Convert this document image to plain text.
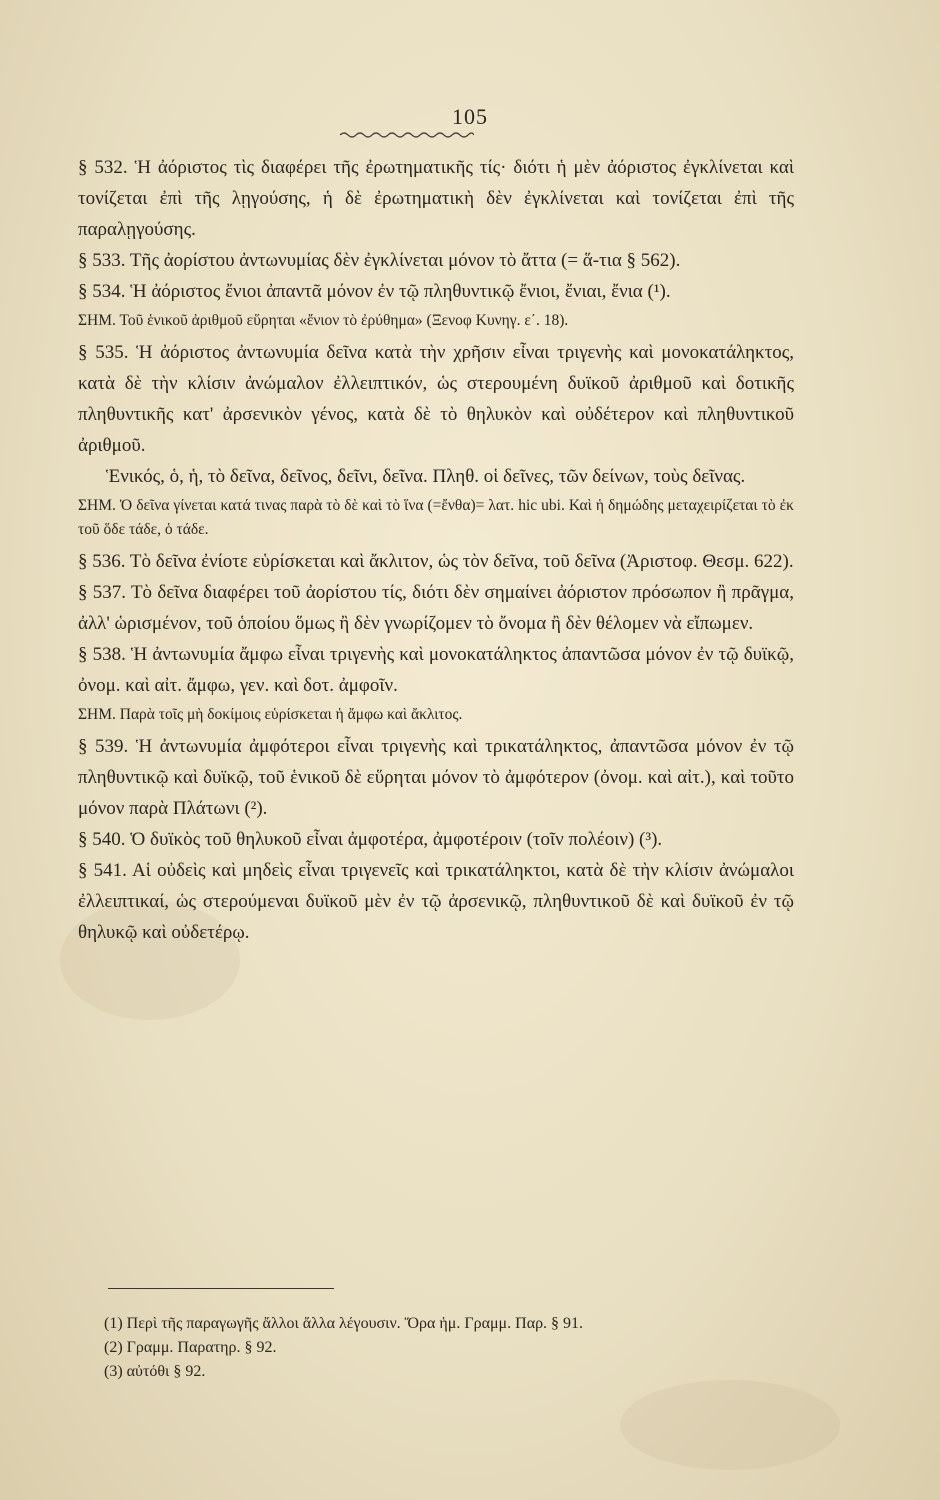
105

§ 532. Ἡ ἀόριστος τὶς διαφέρει τῆς ἐρωτηματικῆς τίς· διότι ἡ μὲν ἀόριστος ἐγκλίνεται καὶ τονίζεται ἐπὶ τῆς λῃγούσης, ἡ δὲ ἐρωτηματικὴ δὲν ἐγκλίνεται καὶ τονίζεται ἐπὶ τῆς παραλῃγούσης.

§ 533. Τῆς ἀορίστου ἀντωνυμίας δὲν ἐγκλίνεται μόνον τὸ ἄττα (= ἅ-τια § 562).

§ 534. Ἡ ἀόριστος ἔνιοι ἀπαντᾶ μόνον ἐν τῷ πληθυντικῷ ἔνιοι, ἔνιαι, ἔνια (¹).

ΣΗΜ. Τοῦ ἑνικοῦ ἀριθμοῦ εὕρηται «ἔνιον τὸ ἐρύθημα» (Ξενοφ Κυνηγ. ε΄. 18).

§ 535. Ἡ ἀόριστος ἀντωνυμία δεῖνα κατὰ τὴν χρῆσιν εἶναι τριγενὴς καὶ μονοκατάληκτος, κατὰ δὲ τὴν κλίσιν ἀνώμαλον ἐλλειπτικόν, ὡς στερουμένη δυϊκοῦ ἀριθμοῦ καὶ δοτικῆς πληθυντικῆς κατ' ἀρσενικὸν γένος, κατὰ δὲ τὸ θηλυκὸν καὶ οὐδέτερον καὶ πληθυντικοῦ ἀριθμοῦ.

Ἑνικός, ὁ, ἡ, τὸ δεῖνα, δεῖνος, δεῖνι, δεῖνα. Πληθ. οἱ δεῖνες, τῶν δείνων, τοὺς δεῖνας.

ΣΗΜ. Ὁ δεῖνα γίνεται κατά τινας παρὰ τὸ δὲ καὶ τὸ ἵνα (=ἔνθα)= λατ. hic ubi. Καὶ ἡ δημώδης μεταχειρίζεται τὸ ἐκ τοῦ ὅδε τάδε, ὁ τάδε.

§ 536. Τὸ δεῖνα ἐνίοτε εὑρίσκεται καὶ ἄκλιτον, ὡς τὸν δεῖνα, τοῦ δεῖνα (Ἀριστοφ. Θεσμ. 622).

§ 537. Τὸ δεῖνα διαφέρει τοῦ ἀορίστου τίς, διότι δὲν σημαίνει ἀόριστον πρόσωπον ἢ πρᾶγμα, ἀλλ' ὡρισμένον, τοῦ ὁποίου ὅμως ἢ δὲν γνωρίζομεν τὸ ὄνομα ἢ δὲν θέλομεν νὰ εἴπωμεν.

§ 538. Ἡ ἀντωνυμία ἄμφω εἶναι τριγενὴς καὶ μονοκατάληκτος ἀπαντῶσα μόνον ἐν τῷ δυϊκῷ, ὀνομ. καὶ αἰτ. ἄμφω, γεν. καὶ δοτ. ἀμφοῖν.

ΣΗΜ. Παρὰ τοῖς μὴ δοκίμοις εὑρίσκεται ἡ ἄμφω καὶ ἄκλιτος.

§ 539. Ἡ ἀντωνυμία ἀμφότεροι εἶναι τριγενὴς καὶ τρικατάληκτος, ἀπαντῶσα μόνον ἐν τῷ πληθυντικῷ καὶ δυϊκῷ, τοῦ ἑνικοῦ δὲ εὕρηται μόνον τὸ ἀμφότερον (ὀνομ. καὶ αἰτ.), καὶ τοῦτο μόνον παρὰ Πλάτωνι (²).

§ 540. Ὁ δυϊκὸς τοῦ θηλυκοῦ εἶναι ἀμφοτέρα, ἀμφοτέροιν (τοῖν πολέοιν) (³).

§ 541. Αἱ οὐδεὶς καὶ μηδεὶς εἶναι τριγενεῖς καὶ τρικατάληκτοι, κατὰ δὲ τὴν κλίσιν ἀνώμαλοι ἐλλειπτικαί, ὡς στερούμεναι δυϊκοῦ μὲν ἐν τῷ ἀρσενικῷ, πληθυντικοῦ δὲ καὶ δυϊκοῦ ἐν τῷ θηλυκῷ καὶ οὐδετέρῳ.

(1) Περὶ τῆς παραγωγῆς ἄλλοι ἄλλα λέγουσιν. Ὅρα ἡμ. Γραμμ. Παρ. § 91.

(2) Γραμμ. Παρατηρ. § 92.

(3) αὐτόθι § 92.
